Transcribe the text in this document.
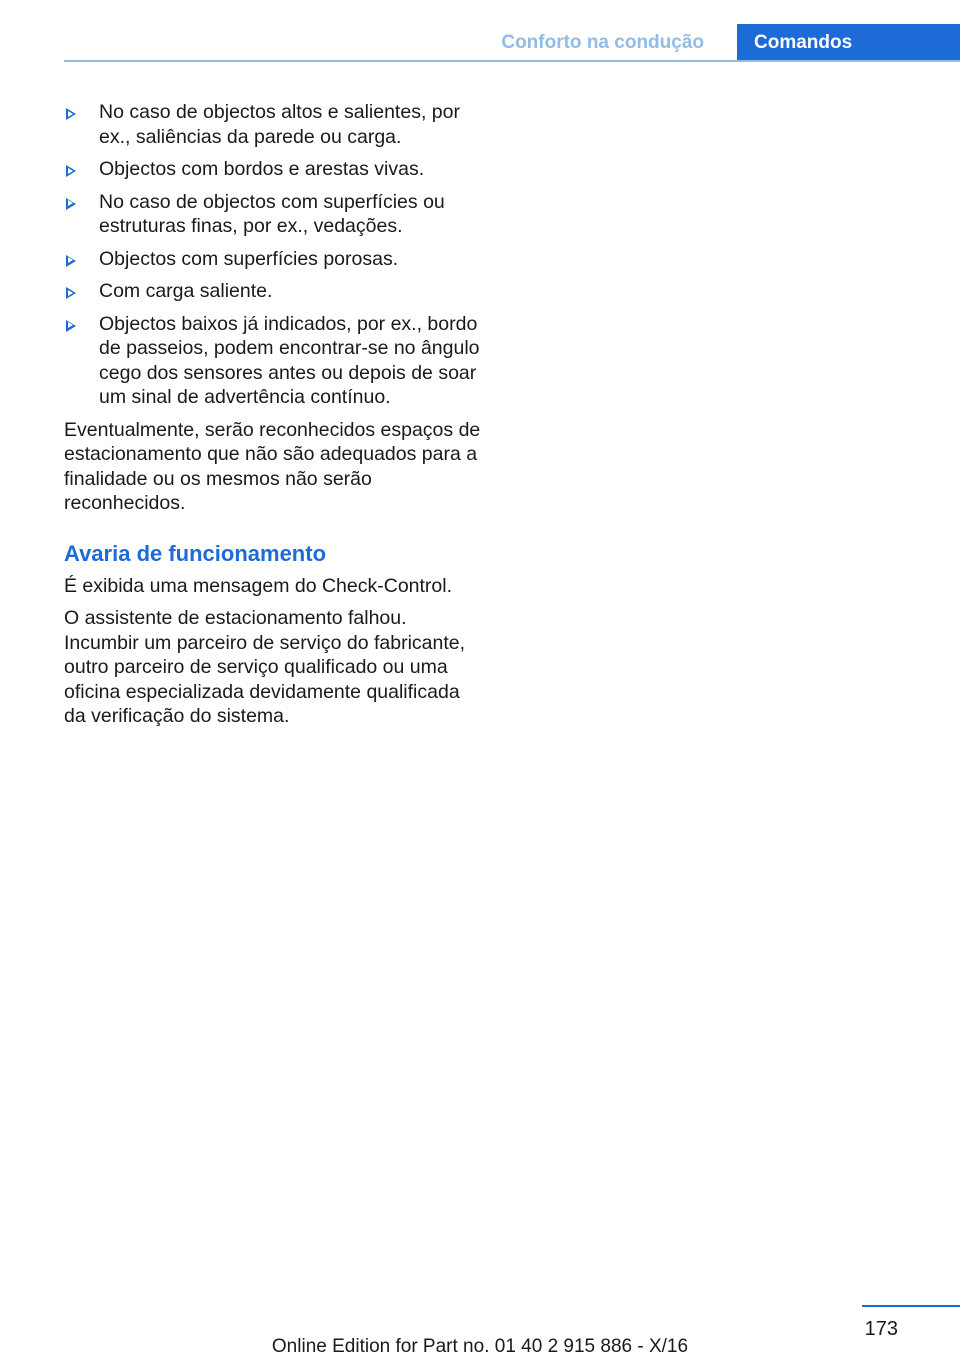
Conforto na condução	Comandos
No caso de objectos altos e salientes, por ex., saliências da parede ou carga.
Objectos com bordos e arestas vivas.
No caso de objectos com superfícies ou estruturas finas, por ex., vedações.
Objectos com superfícies porosas.
Com carga saliente.
Objectos baixos já indicados, por ex., bordo de passeios, podem encontrar-se no ângulo cego dos sensores antes ou depois de soar um sinal de advertência contínuo.

Eventualmente, serão reconhecidos espaços de estacionamento que não são adequados para a finalidade ou os mesmos não serão reconhecidos.

Avaria de funcionamento

É exibida uma mensagem do Check-Control.

O assistente de estacionamento falhou. Incumbir um parceiro de serviço do fabricante, outro parceiro de serviço qualificado ou uma oficina especializada devidamente qualificada da verificação do sistema.

173
Online Edition for Part no. 01 40 2 915 886 - X/16
